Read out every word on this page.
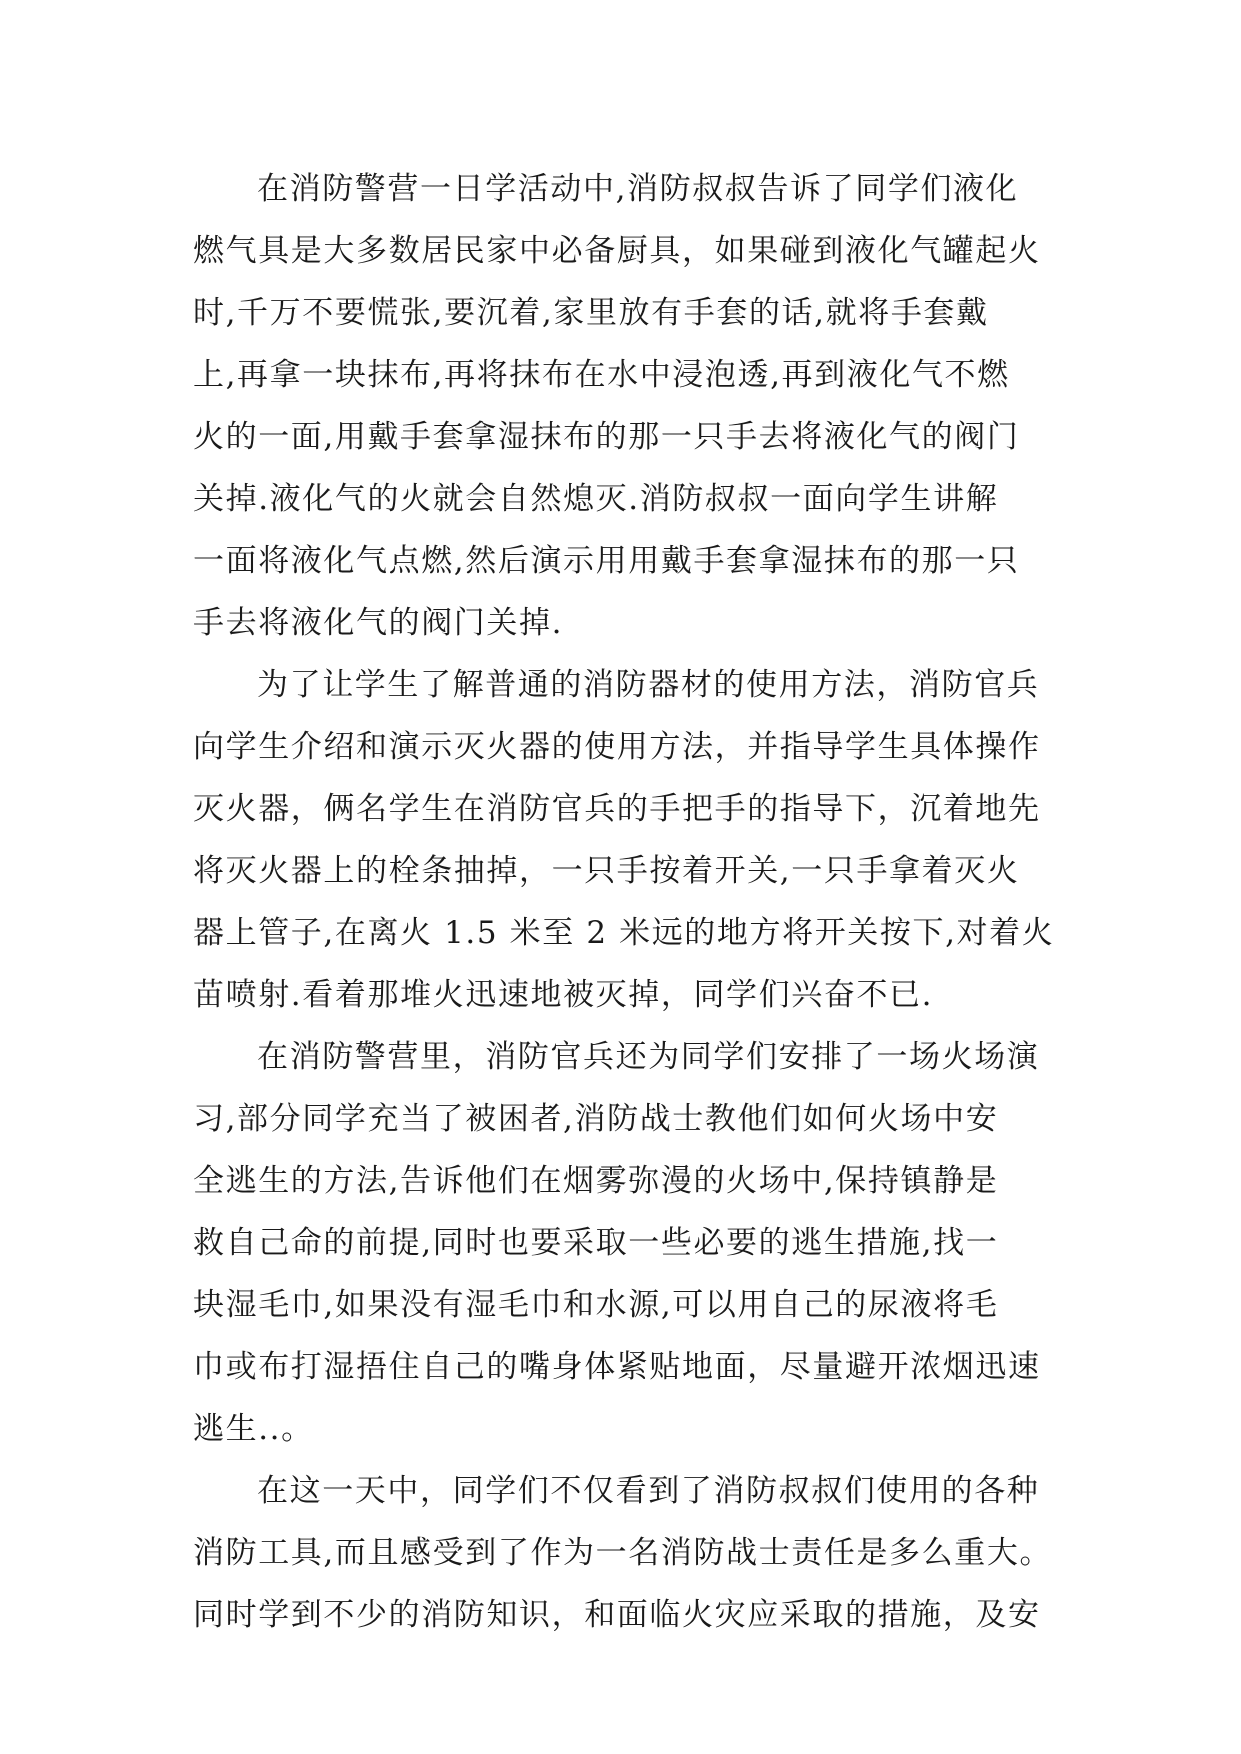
在消防警营一日学活动中,消防叔叔告诉了同学们液化
燃气具是大多数居民家中必备厨具，如果碰到液化气罐起火
时,千万不要慌张,要沉着,家里放有手套的话,就将手套戴
上,再拿一块抹布,再将抹布在水中浸泡透,再到液化气不燃
火的一面,用戴手套拿湿抹布的那一只手去将液化气的阀门
关掉.液化气的火就会自然熄灭.消防叔叔一面向学生讲解
一面将液化气点燃,然后演示用用戴手套拿湿抹布的那一只
手去将液化气的阀门关掉.
为了让学生了解普通的消防器材的使用方法，消防官兵
向学生介绍和演示灭火器的使用方法，并指导学生具体操作
灭火器，俩名学生在消防官兵的手把手的指导下，沉着地先
将灭火器上的栓条抽掉，一只手按着开关,一只手拿着灭火
器上管子,在离火 1.5 米至 2 米远的地方将开关按下,对着火
苗喷射.看着那堆火迅速地被灭掉，同学们兴奋不已.
在消防警营里，消防官兵还为同学们安排了一场火场演
习,部分同学充当了被困者,消防战士教他们如何火场中安
全逃生的方法,告诉他们在烟雾弥漫的火场中,保持镇静是
救自己命的前提,同时也要采取一些必要的逃生措施,找一
块湿毛巾,如果没有湿毛巾和水源,可以用自己的尿液将毛
巾或布打湿捂住自己的嘴身体紧贴地面，尽量避开浓烟迅速
逃生..。
在这一天中，同学们不仅看到了消防叔叔们使用的各种
消防工具,而且感受到了作为一名消防战士责任是多么重大。
同时学到不少的消防知识，和面临火灾应采取的措施，及安
